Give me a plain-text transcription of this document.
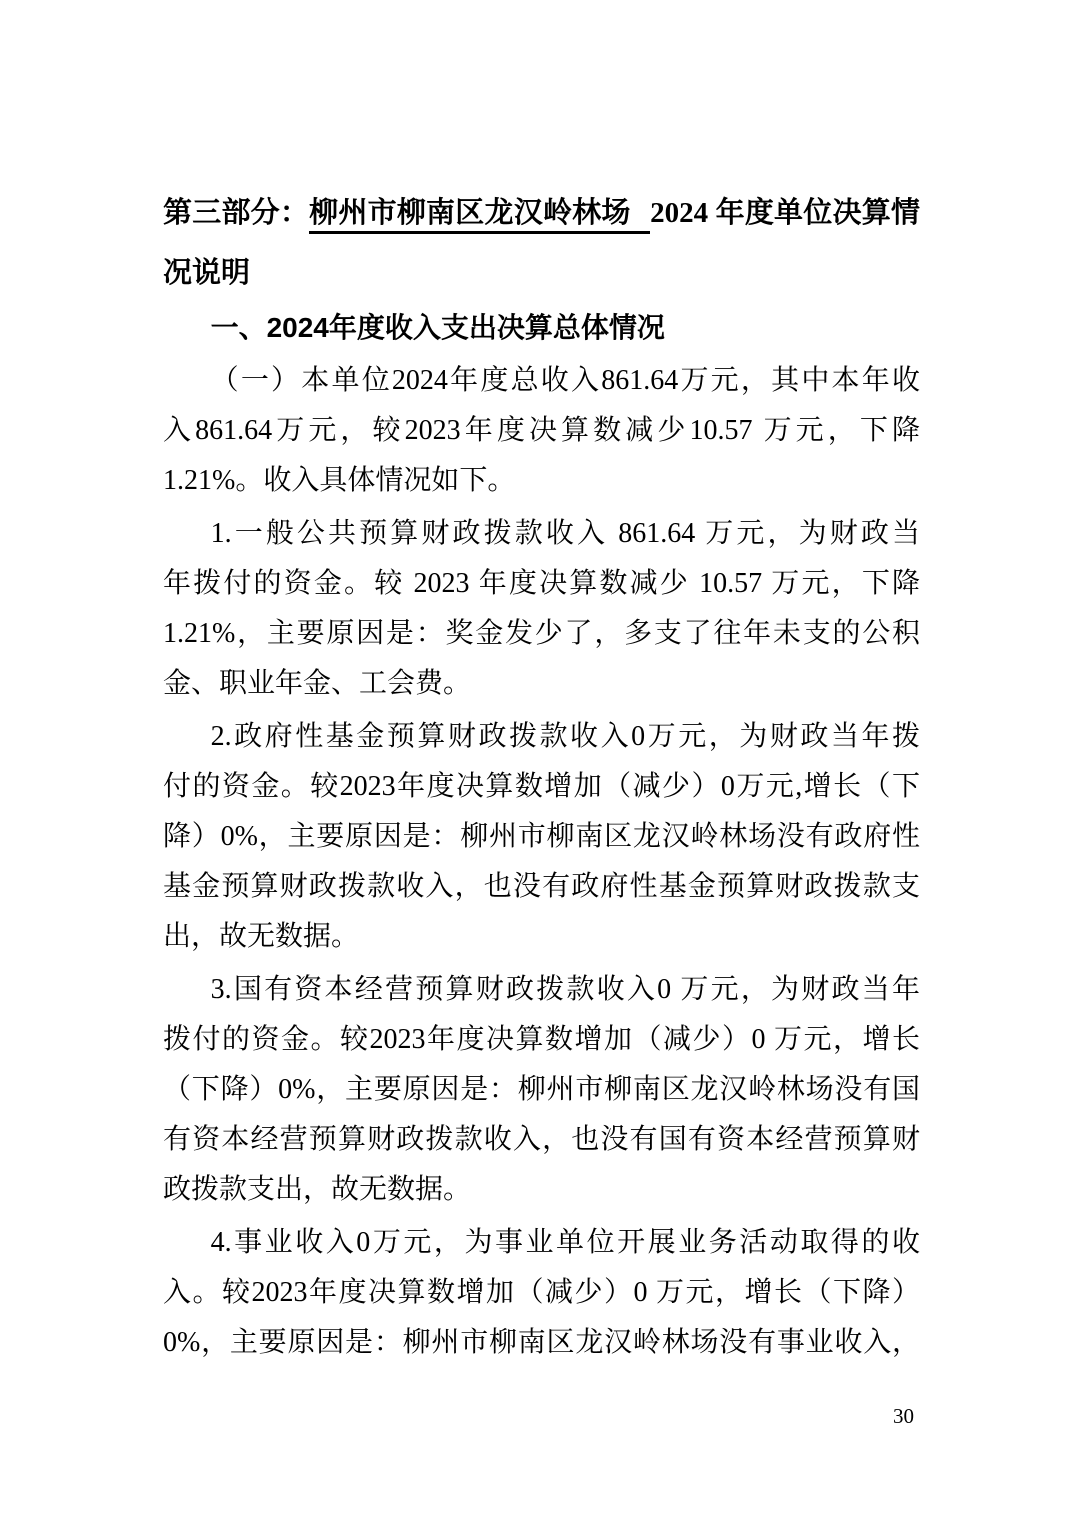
第三部分：柳州市柳南区龙汉岭林场 2024 年度单位决算情
况说明
一、2024年度收入支出决算总体情况
（一）本单位2024年度总收入861.64万元，其中本年收
入861.64万元，较2023年度决算数减少10.57 万元，下降
1.21%。收入具体情况如下。
1.一般公共预算财政拨款收入 861.64 万元，为财政当
年拨付的资金。较 2023 年度决算数减少 10.57 万元，下降
1.21%，主要原因是：奖金发少了，多支了往年未支的公积
金、职业年金、工会费。
2.政府性基金预算财政拨款收入0万元，为财政当年拨
付的资金。较2023年度决算数增加（减少）0万元,增长（下
降）0%，主要原因是：柳州市柳南区龙汉岭林场没有政府性
基金预算财政拨款收入，也没有政府性基金预算财政拨款支
出，故无数据。
3.国有资本经营预算财政拨款收入0 万元，为财政当年
拨付的资金。较2023年度决算数增加（减少）0 万元，增长
（下降）0%，主要原因是：柳州市柳南区龙汉岭林场没有国
有资本经营预算财政拨款收入，也没有国有资本经营预算财
政拨款支出，故无数据。
4.事业收入0万元，为事业单位开展业务活动取得的收
入。较2023年度决算数增加（减少）0 万元，增长（下降）
0%，主要原因是：柳州市柳南区龙汉岭林场没有事业收入，
30
